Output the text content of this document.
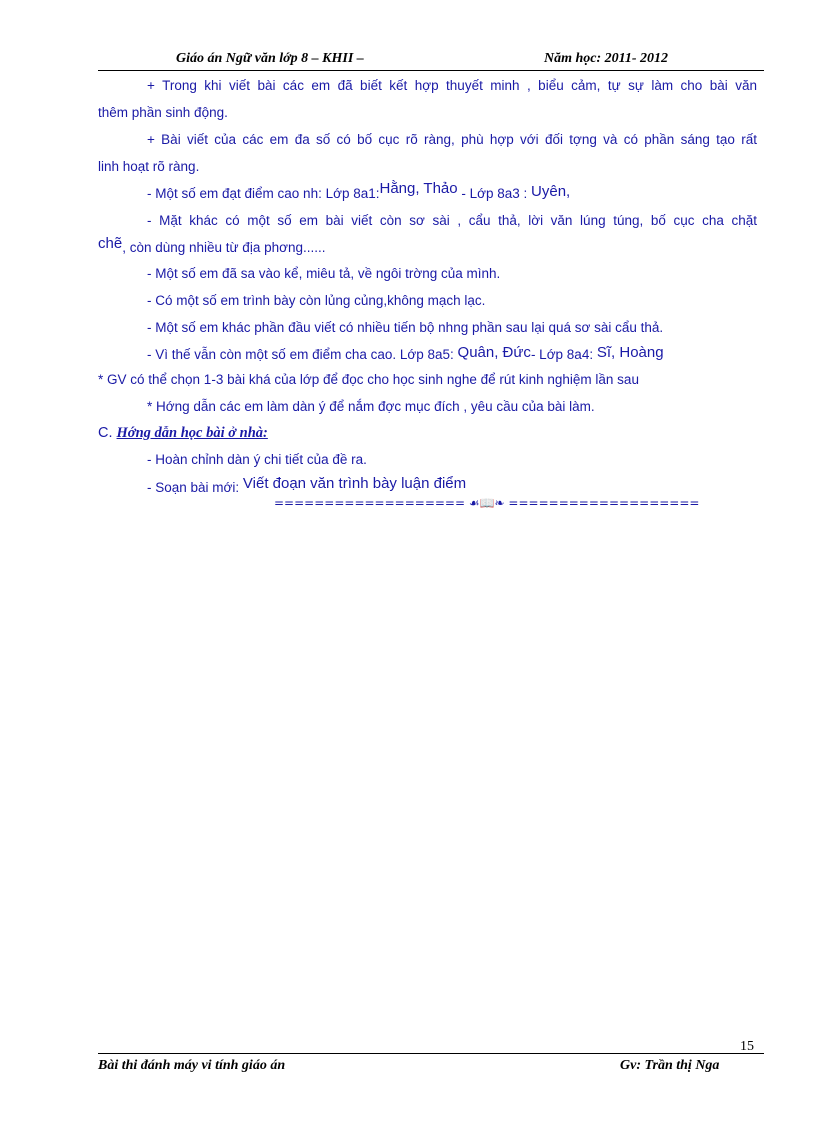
Giáo án Ngữ văn lớp 8 – KHII –	Năm học: 2011- 2012
+ Trong khi viết bài các em đã biết kết hợp thuyết minh , biểu cảm, tự sự làm cho bài văn
thêm phần sinh động.
+ Bài viết của các em đa số có bố cục rõ ràng, phù hợp với đối tợng và có phần sáng tạo rất
linh hoạt rõ ràng.
- Một số em đạt điểm cao nh: Lớp 8a1:Hằng, Thảo - Lớp 8a3 : Uyên,
- Mặt khác có một số em bài viết còn sơ sài , cẩu thả, lời văn lúng túng, bố cục cha chặt
chẽ, còn dùng nhiều từ địa phơng......
- Một số em đã sa vào kể, miêu tả, về ngôi trờng của mình.
- Có một số em trình bày còn lủng củng,không mạch lạc.
- Một số em khác phần đầu viết có nhiều tiến bộ nhng phần sau lại quá sơ sài cẩu thả.
- Vì thế vẫn còn một số em điểm cha cao. Lớp 8a5: Quân, Đức- Lớp 8a4: Sĩ, Hoàng
* GV có thể chọn 1-3 bài khá của lớp để đọc cho học sinh nghe để rút kinh nghiệm lần sau
* Hớng dẫn các em làm dàn ý để nắm đợc mục đích , yêu cầu của bài làm.
C. Hớng dẫn học bài ở nhà:
- Hoàn chỉnh dàn ý chi tiết của đề ra.
- Soạn bài mới: Viết đoạn văn trình bày luận điểm
=================== ☙📖❧ ===================
15
Bài thi đánh máy vi tính giáo án	Gv: Trần thị Nga
